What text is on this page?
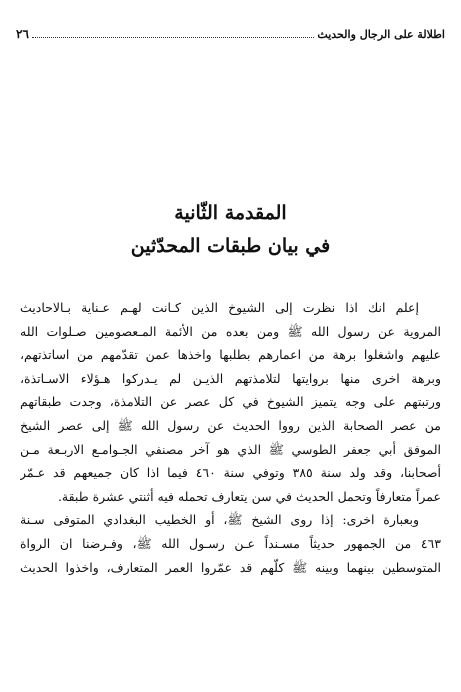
اطلالة على الرجال والحديث
٢٦
المقدمة الثّانية
في بيان طبقات المحدّثين
إعلم انك اذا نظرت إلى الشيوخ الذين كـانت لهـم عـناية بـالاحاديث
المروية عن رسول الله ﷺ ومن بعده من الأئمة المـعصومين صـلوات الله
عليهم واشغلوا برهة من اعمارهم بطلبها واخذها عمن تقدّمهم من اساتذتهم،
وبرهة اخرى منها بروايتها لتلامذتهم الذيـن لم يـدركوا هـؤلاء الاسـاتذة،
ورتبتهم على وجه يتميز الشيوخ في كل عصر عن التلامذة، وجدت طبقاتهم
من عصر الصحابة الذين رووا الحديث عن رسول الله ﷺ إلى عصر الشيخ
الموفق أبي جعفر الطوسي ﷺ الذي هو آخر مصنفي الجـوامـع الاربـعة مـن
أصحابنا، وقد ولد سنة ٣٨٥ وتوفي سنة ٤٦٠ فيما اذا كان جميعهم قد عـمّر
عمراً متعارفاً وتحمل الحديث في سن يتعارف تحمله فيه أثنتي عشرة طبقة.
وبعبارة اخرى: إذا روى الشيخ ﷺ، أو الخطيب البغدادي المتوفى سـنة
٤٦٣ من الجمهور حديثاً مسـنداً عـن رسـول الله ﷺ، وفـرضنا ان الرواة
المتوسطين بينهما وبينه ﷺ كلّهم قد عمّروا العمر المتعارف، واخذوا الحديث
